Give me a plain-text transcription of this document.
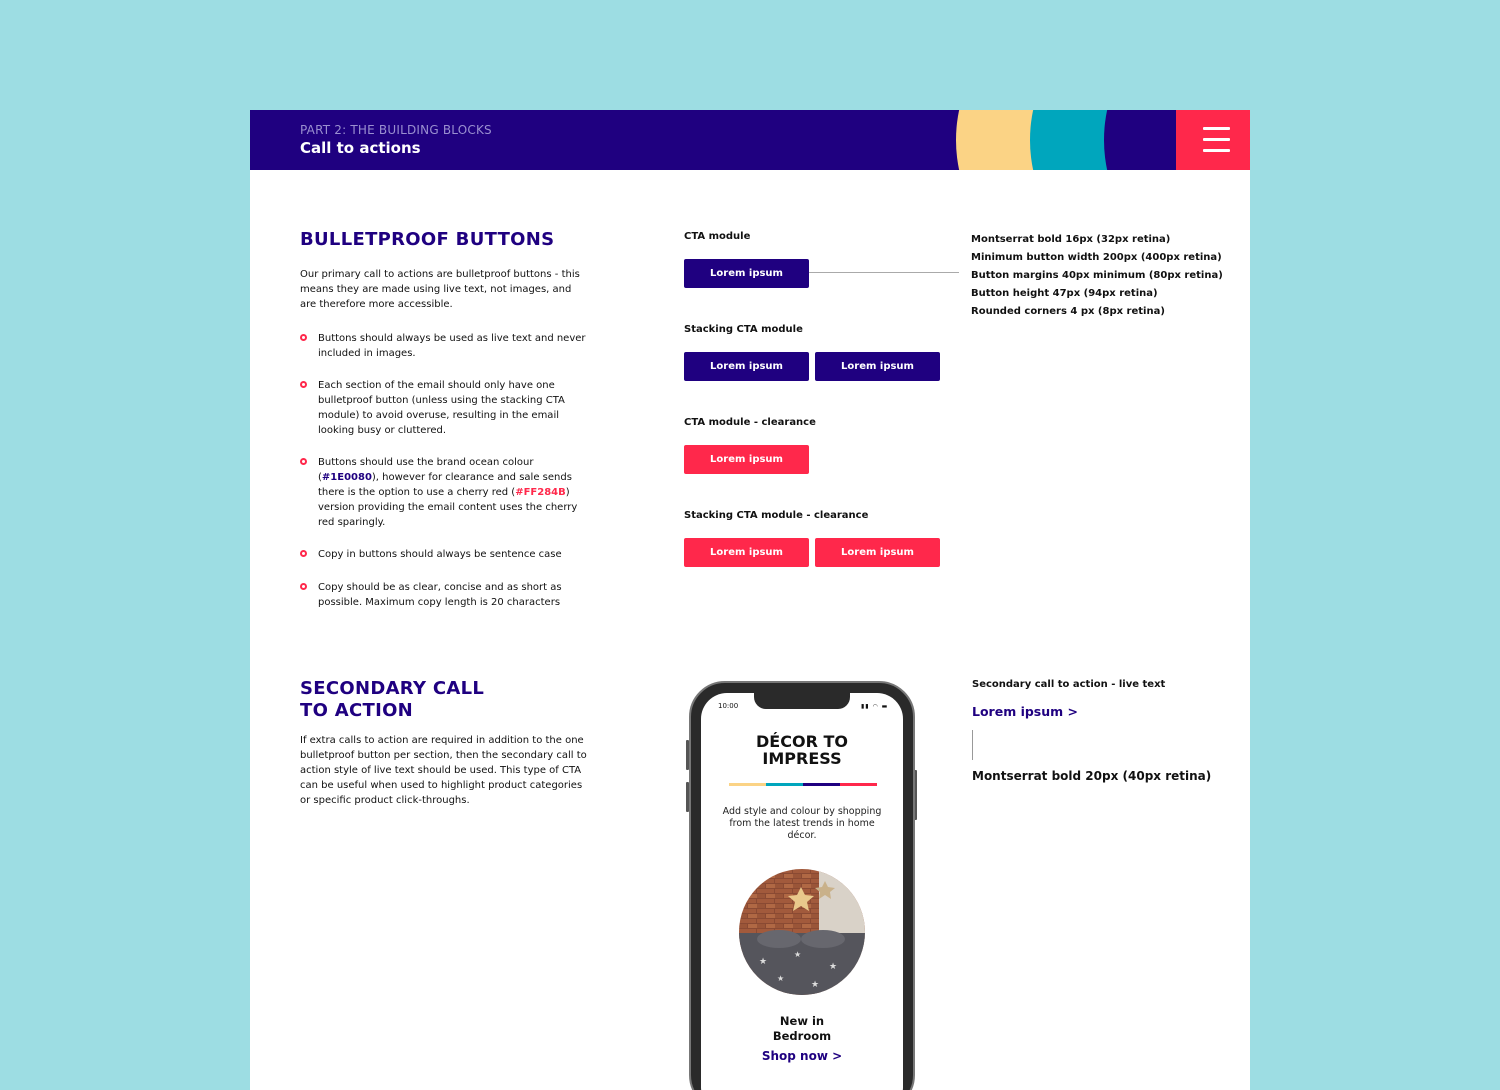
PART 2: THE BUILDING BLOCKS
Call to actions
BULLETPROOF BUTTONS
Our primary call to actions are bulletproof buttons - this means they are made using live text, not images, and are therefore more accessible.
Buttons should always be used as live text and never included in images.
Each section of the email should only have one bulletproof button (unless using the stacking CTA module) to avoid overuse, resulting in the email looking busy or cluttered.
Buttons should use the brand ocean colour (#1E0080), however for clearance and sale sends there is the option to use a cherry red (#FF284B) version providing the email content uses the cherry red sparingly.
Copy in buttons should always be sentence case
Copy should be as clear, concise and as short as possible. Maximum copy length is 20 characters
CTA module
Lorem ipsum
Stacking CTA module
Lorem ipsum	Lorem ipsum
CTA module - clearance
Lorem ipsum
Stacking CTA module - clearance
Lorem ipsum	Lorem ipsum
Montserrat bold 16px (32px retina)
Minimum button width 200px (400px retina)
Button margins 40px minimum (80px retina)
Button height 47px (94px retina)
Rounded corners 4 px (8px retina)
SECONDARY CALL
TO ACTION
If extra calls to action are required in addition to the one bulletproof button per section, then the secondary call to action style of live text should be used. This type of CTA can be useful when used to highlight product categories or specific product click-throughs.
10:00	▮▮ ◠ ▬
DÉCOR TO
IMPRESS
Add style and colour by shopping from the latest trends in home décor.
★
★
★
★
★
New in
Bedroom
Shop now >
Secondary call to action - live text
Lorem ipsum >
Montserrat bold 20px (40px retina)
